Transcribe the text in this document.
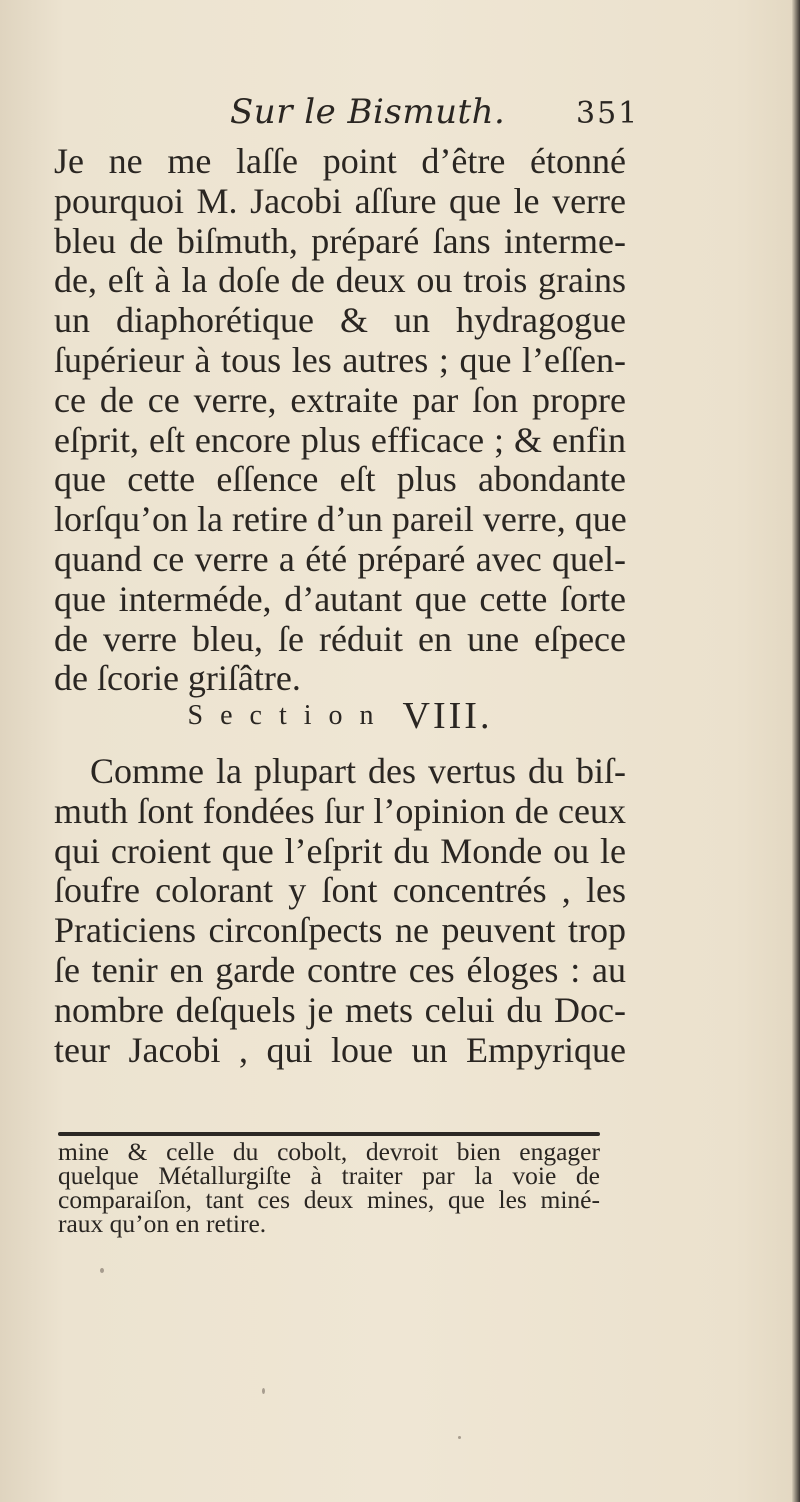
Sur le Bismuth. 351
Je ne me laſſe point d’être étonné
pourquoi M. Jacobi aſſure que le verre
bleu de biſmuth, préparé ſans interme-
de, eſt à la doſe de deux ou trois grains
un diaphorétique & un hydragogue
ſupérieur à tous les autres ; que l’eſſen-
ce de ce verre, extraite par ſon propre
eſprit, eſt encore plus efficace ; & enfin
que cette eſſence eſt plus abondante
lorſqu’on la retire d’un pareil verre, que
quand ce verre a été préparé avec quel-
que interméde, d’autant que cette ſorte
de verre bleu, ſe réduit en une eſpece
de ſcorie griſâtre.
Section VIII.
Comme la plupart des vertus du biſ-
muth ſont fondées ſur l’opinion de ceux
qui croient que l’eſprit du Monde ou le
ſoufre colorant y ſont concentrés , les
Praticiens circonſpects ne peuvent trop
ſe tenir en garde contre ces éloges : au
nombre deſquels je mets celui du Doc-
teur Jacobi , qui loue un Empyrique
mine & celle du cobolt, devroit bien engager
quelque Métallurgiſte à traiter par la voie de
comparaiſon, tant ces deux mines, que les miné-
raux qu’on en retire.
